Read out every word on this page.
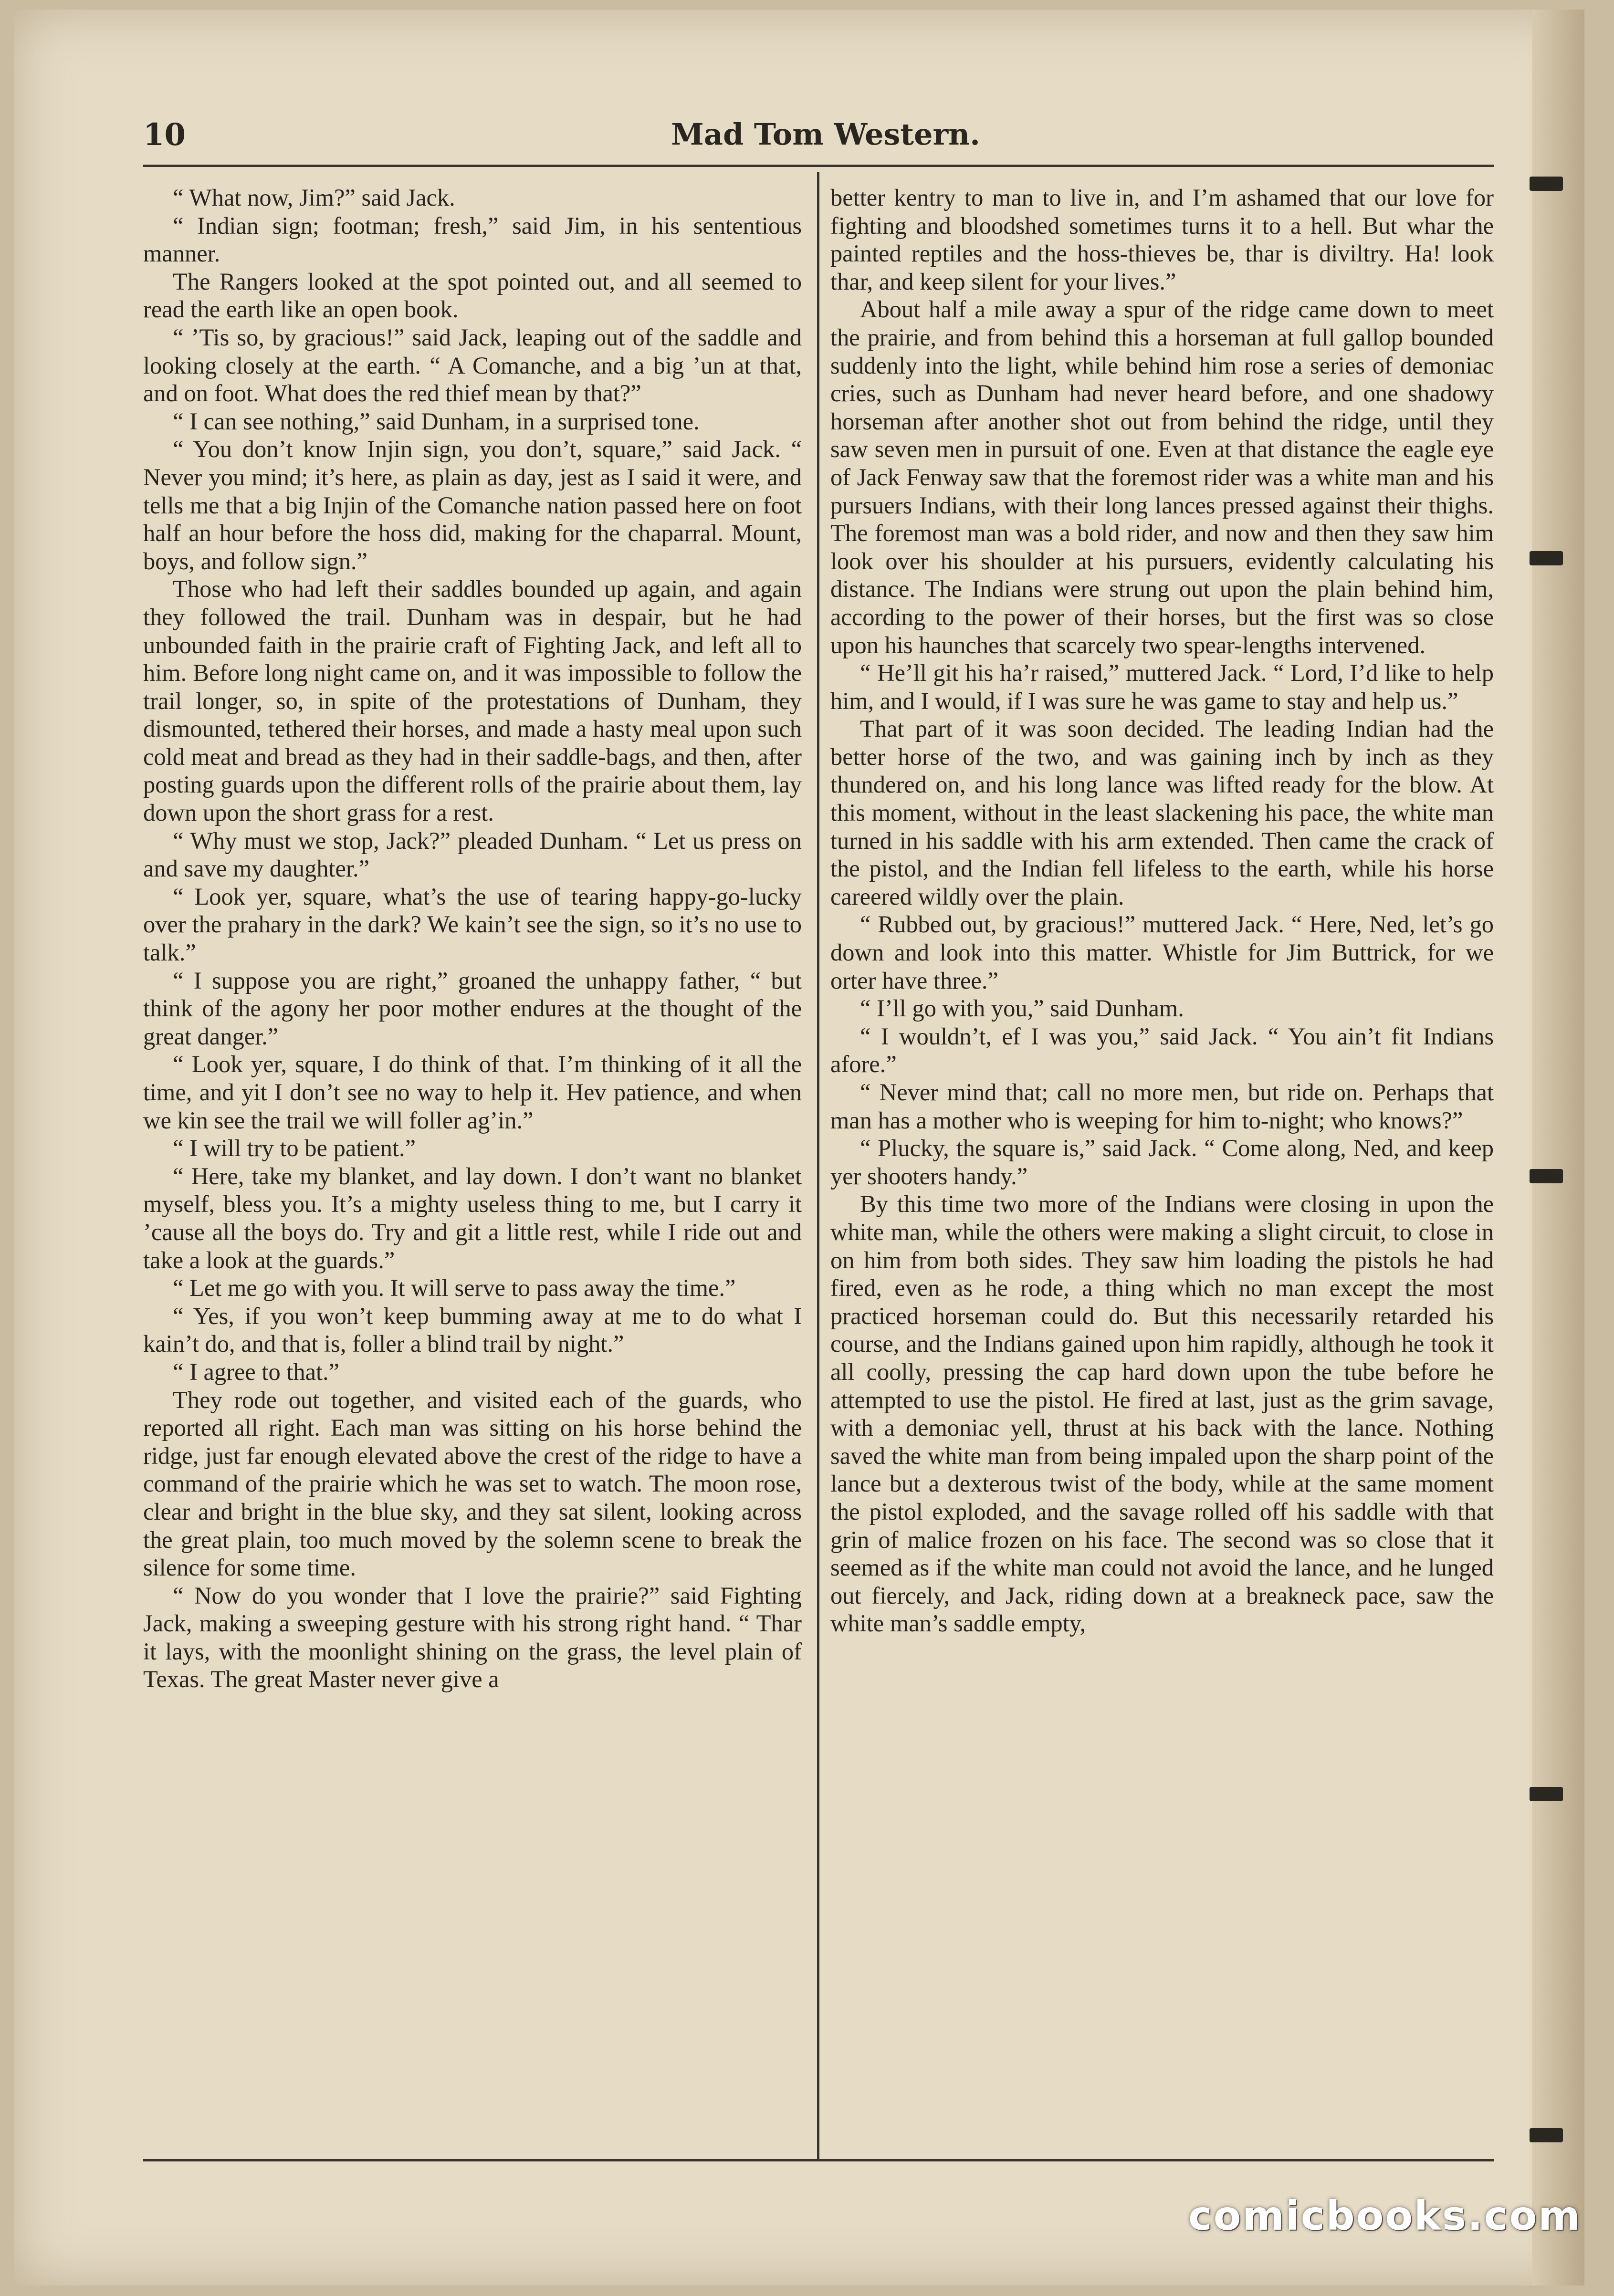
10	Mad Tom Western.

“ What now, Jim?” said Jack.

“ Indian sign; footman; fresh,” said Jim, in his sententious manner.

The Rangers looked at the spot pointed out, and all seemed to read the earth like an open book.

“ ’Tis so, by gracious!” said Jack, leaping out of the saddle and looking closely at the earth. “ A Comanche, and a big ’un at that, and on foot. What does the red thief mean by that?”

“ I can see nothing,” said Dunham, in a surprised tone.

“ You don’t know Injin sign, you don’t, square,” said Jack. “ Never you mind; it’s here, as plain as day, jest as I said it were, and tells me that a big Injin of the Comanche nation passed here on foot half an hour before the hoss did, making for the chaparral. Mount, boys, and follow sign.”

Those who had left their saddles bounded up again, and again they followed the trail. Dunham was in despair, but he had unbounded faith in the prairie craft of Fighting Jack, and left all to him. Before long night came on, and it was impossible to follow the trail longer, so, in spite of the protestations of Dunham, they dismounted, tethered their horses, and made a hasty meal upon such cold meat and bread as they had in their saddle-bags, and then, after posting guards upon the different rolls of the prairie about them, lay down upon the short grass for a rest.

“ Why must we stop, Jack?” pleaded Dunham. “ Let us press on and save my daughter.”

“ Look yer, square, what’s the use of tearing happy-go-lucky over the prahary in the dark? We kain’t see the sign, so it’s no use to talk.”

“ I suppose you are right,” groaned the unhappy father, “ but think of the agony her poor mother endures at the thought of the great danger.”

“ Look yer, square, I do think of that. I’m thinking of it all the time, and yit I don’t see no way to help it. Hev patience, and when we kin see the trail we will foller ag’in.”

“ I will try to be patient.”

“ Here, take my blanket, and lay down. I don’t want no blanket myself, bless you. It’s a mighty useless thing to me, but I carry it ’cause all the boys do. Try and git a little rest, while I ride out and take a look at the guards.”

“ Let me go with you. It will serve to pass away the time.”

“ Yes, if you won’t keep bumming away at me to do what I kain’t do, and that is, foller a blind trail by night.”

“ I agree to that.”

They rode out together, and visited each of the guards, who reported all right. Each man was sitting on his horse behind the ridge, just far enough elevated above the crest of the ridge to have a command of the prairie which he was set to watch. The moon rose, clear and bright in the blue sky, and they sat silent, looking across the great plain, too much moved by the solemn scene to break the silence for some time.

“ Now do you wonder that I love the prairie?” said Fighting Jack, making a sweeping gesture with his strong right hand. “ Thar it lays, with the moonlight shining on the grass, the level plain of Texas. The great Master never give a

better kentry to man to live in, and I’m ashamed that our love for fighting and bloodshed sometimes turns it to a hell. But whar the painted reptiles and the hoss-thieves be, thar is diviltry. Ha! look thar, and keep silent for your lives.”

About half a mile away a spur of the ridge came down to meet the prairie, and from behind this a horseman at full gallop bounded suddenly into the light, while behind him rose a series of demoniac cries, such as Dunham had never heard before, and one shadowy horseman after another shot out from behind the ridge, until they saw seven men in pursuit of one. Even at that distance the eagle eye of Jack Fenway saw that the foremost rider was a white man and his pursuers Indians, with their long lances pressed against their thighs. The foremost man was a bold rider, and now and then they saw him look over his shoulder at his pursuers, evidently calculating his distance. The Indians were strung out upon the plain behind him, according to the power of their horses, but the first was so close upon his haunches that scarcely two spear-lengths intervened.

“ He’ll git his ha’r raised,” muttered Jack. “ Lord, I’d like to help him, and I would, if I was sure he was game to stay and help us.”

That part of it was soon decided. The leading Indian had the better horse of the two, and was gaining inch by inch as they thundered on, and his long lance was lifted ready for the blow. At this moment, without in the least slackening his pace, the white man turned in his saddle with his arm extended. Then came the crack of the pistol, and the Indian fell lifeless to the earth, while his horse careered wildly over the plain.

“ Rubbed out, by gracious!” muttered Jack. “ Here, Ned, let’s go down and look into this matter. Whistle for Jim Buttrick, for we orter have three.”

“ I’ll go with you,” said Dunham.

“ I wouldn’t, ef I was you,” said Jack. “ You ain’t fit Indians afore.”

“ Never mind that; call no more men, but ride on. Perhaps that man has a mother who is weeping for him to-night; who knows?”

“ Plucky, the square is,” said Jack. “ Come along, Ned, and keep yer shooters handy.”

By this time two more of the Indians were closing in upon the white man, while the others were making a slight circuit, to close in on him from both sides. They saw him loading the pistols he had fired, even as he rode, a thing which no man except the most practiced horseman could do. But this necessarily retarded his course, and the Indians gained upon him rapidly, although he took it all coolly, pressing the cap hard down upon the tube before he attempted to use the pistol. He fired at last, just as the grim savage, with a demoniac yell, thrust at his back with the lance. Nothing saved the white man from being impaled upon the sharp point of the lance but a dexterous twist of the body, while at the same moment the pistol exploded, and the savage rolled off his saddle with that grin of malice frozen on his face. The second was so close that it seemed as if the white man could not avoid the lance, and he lunged out fiercely, and Jack, riding down at a breakneck pace, saw the white man’s saddle empty,

comicbooks.com
